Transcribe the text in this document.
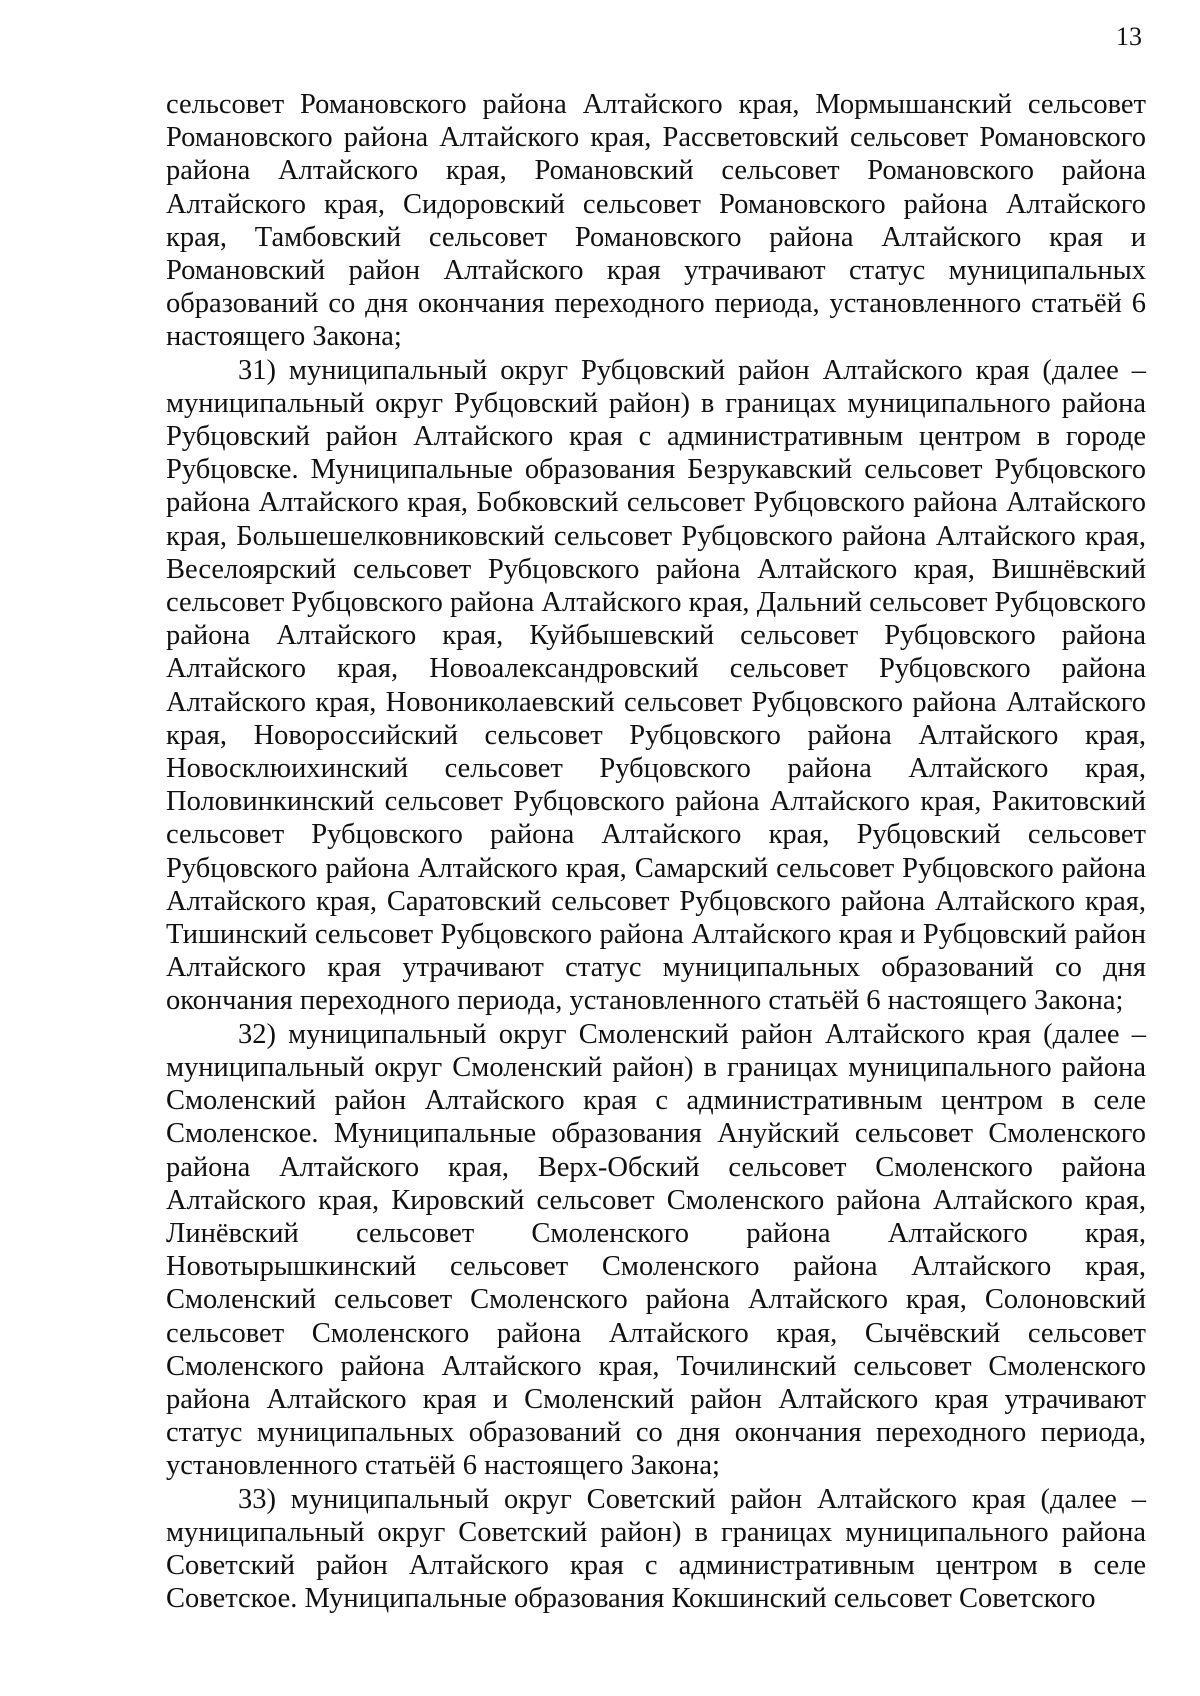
13

сельсовет Романовского района Алтайского края, Мормышанский сельсовет Романовского района Алтайского края, Рассветовский сельсовет Романовского района Алтайского края, Романовский сельсовет Романовского района Алтайского края, Сидоровский сельсовет Романовского района Алтайского края, Тамбовский сельсовет Романовского района Алтайского края и Романовский район Алтайского края утрачивают статус муниципальных образований со дня окончания переходного периода, установленного статьёй 6 настоящего Закона;

31) муниципальный округ Рубцовский район Алтайского края (далее – муниципальный округ Рубцовский район) в границах муниципального района Рубцовский район Алтайского края с административным центром в городе Рубцовске. Муниципальные образования Безрукавский сельсовет Рубцовского района Алтайского края, Бобковский сельсовет Рубцовского района Алтайского края, Большешелковниковский сельсовет Рубцовского района Алтайского края, Веселоярский сельсовет Рубцовского района Алтайского края, Вишнёвский сельсовет Рубцовского района Алтайского края, Дальний сельсовет Рубцовского района Алтайского края, Куйбышевский сельсовет Рубцовского района Алтайского края, Новоалександровский сельсовет Рубцовского района Алтайского края, Новониколаевский сельсовет Рубцовского района Алтайского края, Новороссийский сельсовет Рубцовского района Алтайского края, Новосклюихинский сельсовет Рубцовского района Алтайского края, Половинкинский сельсовет Рубцовского района Алтайского края, Ракитовский сельсовет Рубцовского района Алтайского края, Рубцовский сельсовет Рубцовского района Алтайского края, Самарский сельсовет Рубцовского района Алтайского края, Саратовский сельсовет Рубцовского района Алтайского края, Тишинский сельсовет Рубцовского района Алтайского края и Рубцовский район Алтайского края утрачивают статус муниципальных образований со дня окончания переходного периода, установленного статьёй 6 настоящего Закона;

32) муниципальный округ Смоленский район Алтайского края (далее – муниципальный округ Смоленский район) в границах муниципального района Смоленский район Алтайского края с административным центром в селе Смоленское. Муниципальные образования Ануйский сельсовет Смоленского района Алтайского края, Верх-Обский сельсовет Смоленского района Алтайского края, Кировский сельсовет Смоленского района Алтайского края, Линёвский сельсовет Смоленского района Алтайского края, Новотырышкинский сельсовет Смоленского района Алтайского края, Смоленский сельсовет Смоленского района Алтайского края, Солоновский сельсовет Смоленского района Алтайского края, Сычёвский сельсовет Смоленского района Алтайского края, Точилинский сельсовет Смоленского района Алтайского края и Смоленский район Алтайского края утрачивают статус муниципальных образований со дня окончания переходного периода, установленного статьёй 6 настоящего Закона;

33) муниципальный округ Советский район Алтайского края (далее – муниципальный округ Советский район) в границах муниципального района Советский район Алтайского края с административным центром в селе Советское. Муниципальные образования Кокшинский сельсовет Советского
